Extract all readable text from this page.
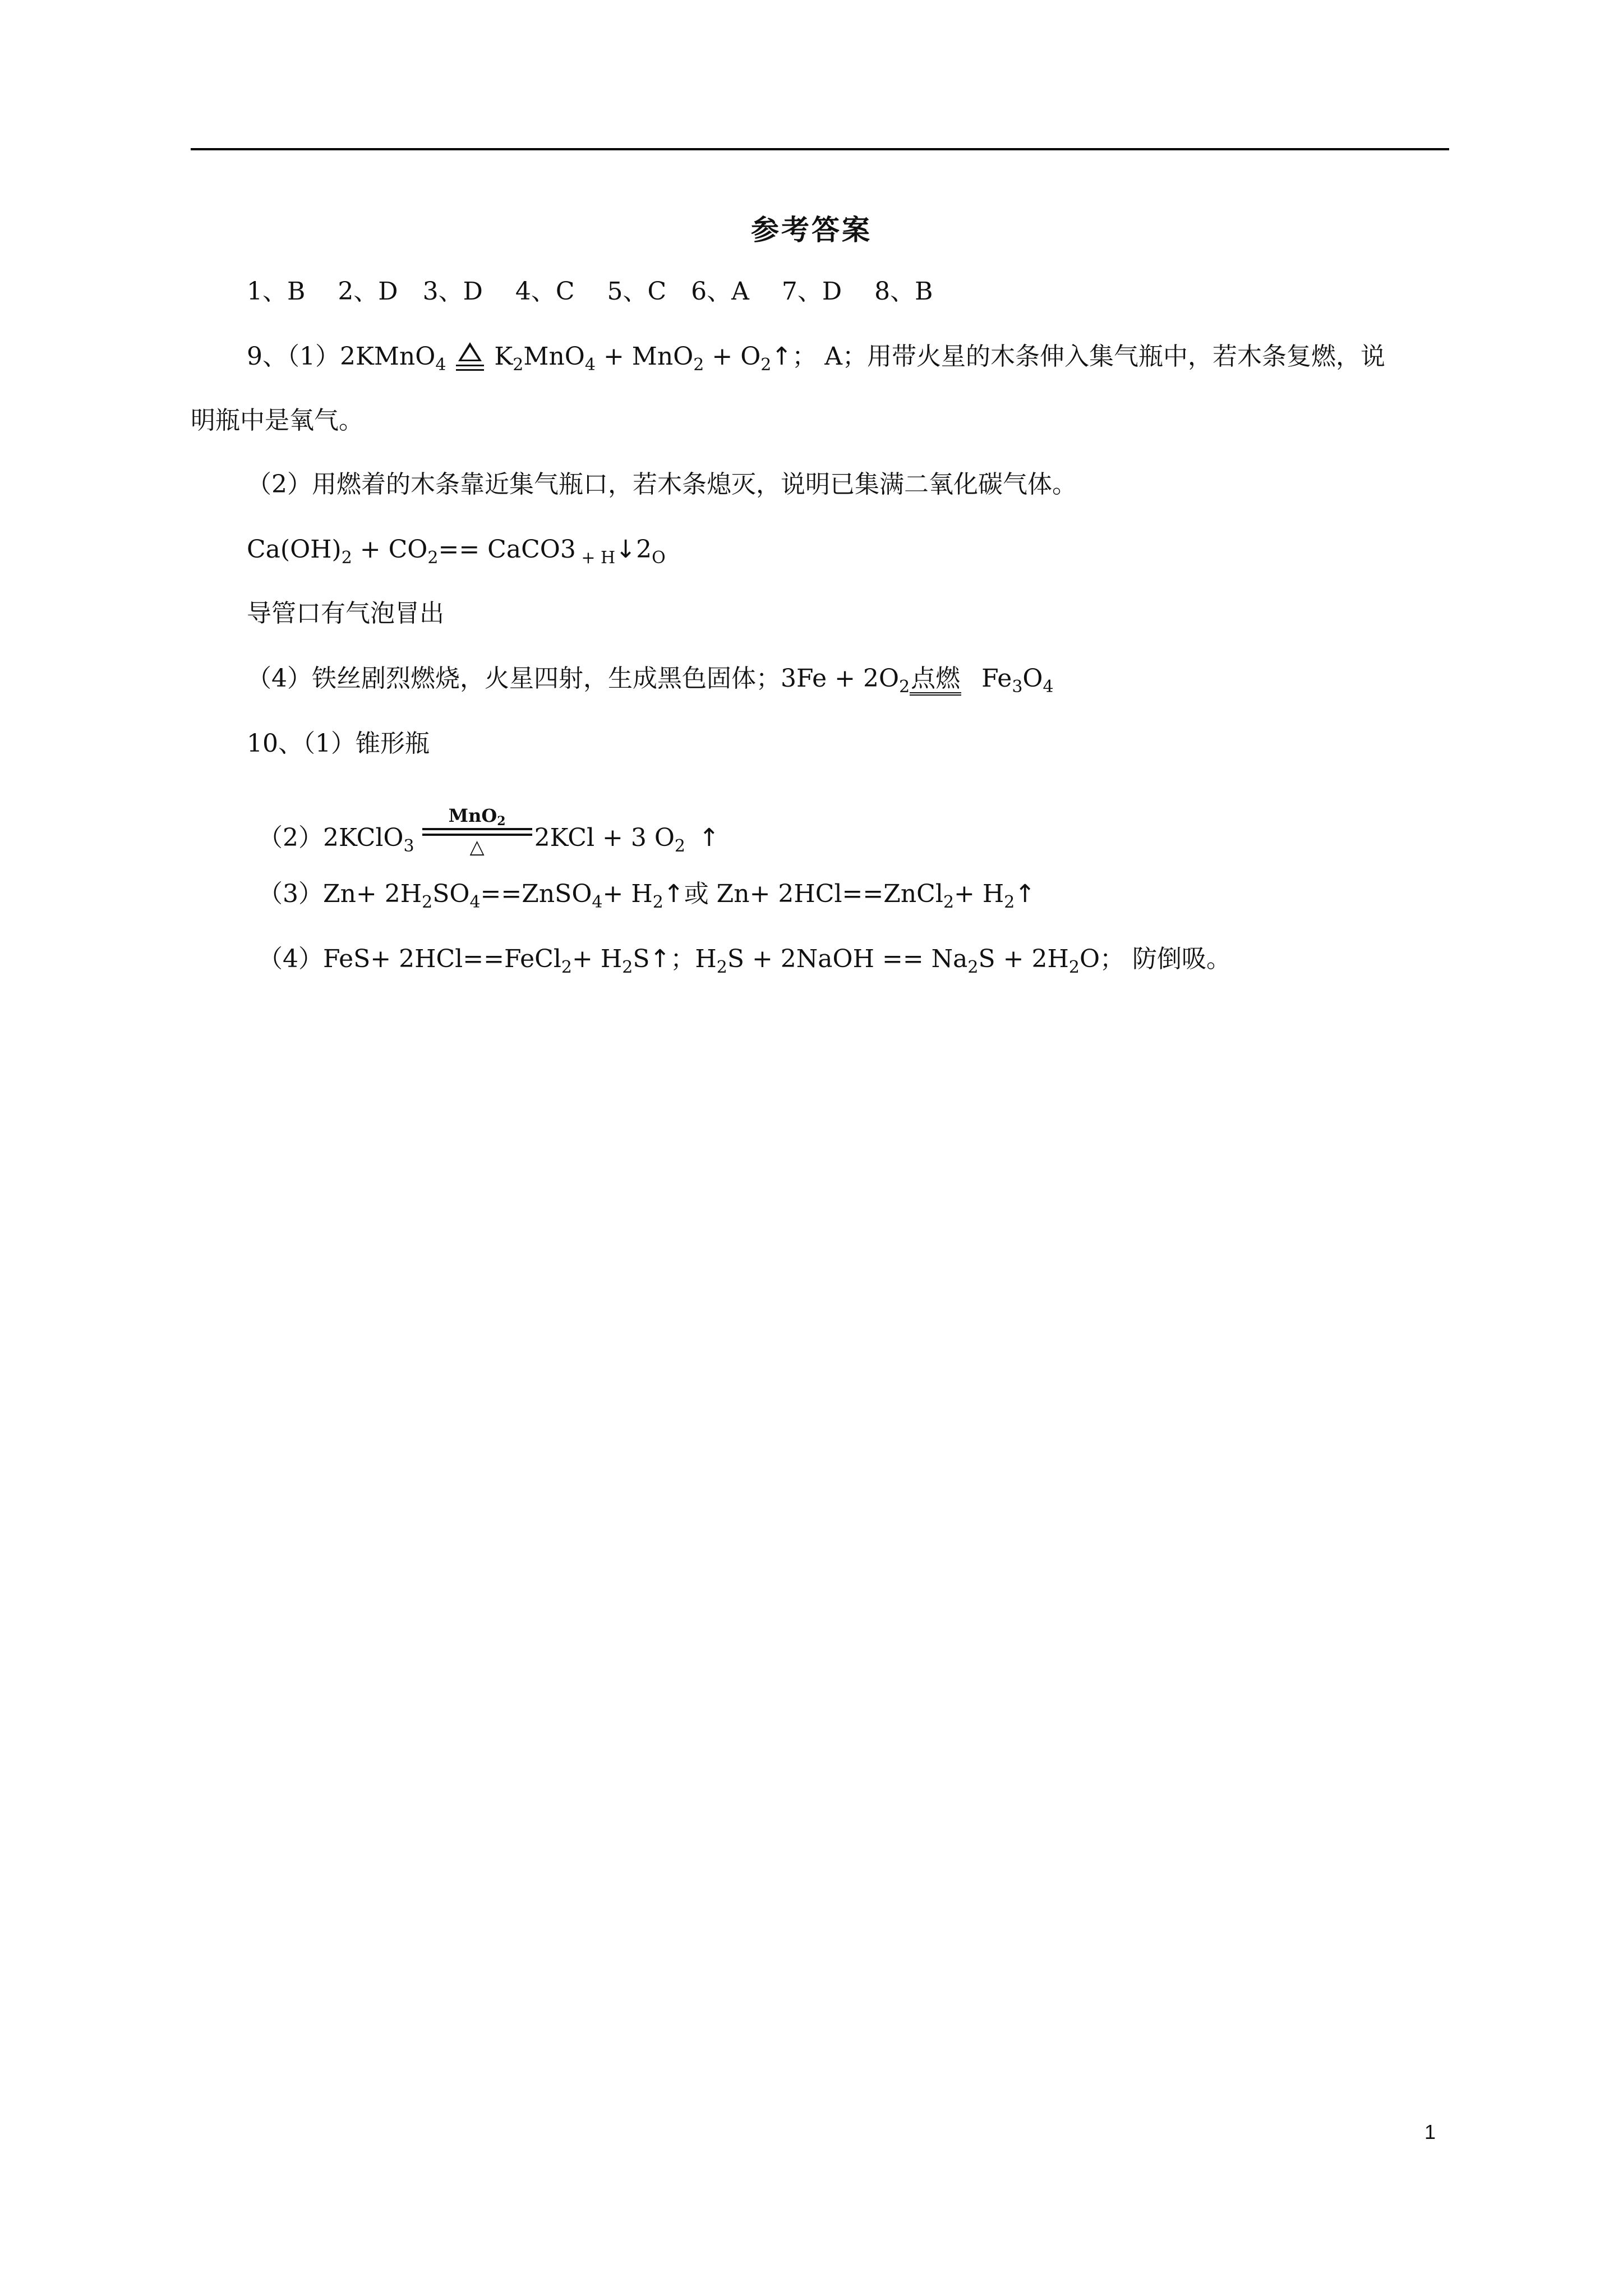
参考答案
1、B　 2、D　3、D　 4、C　 5、C　6、A　 7、D　 8、B
9、（1）2KMnO$_4$ $K_2MnO_4 + MnO_2$ + $O_2↑$； A；用带火星的木条伸入集气瓶中，若木条复燃，说
明瓶中是氧气。
（2）用燃着的木条靠近集气瓶口，若木条熄灭，说明已集满二氧化碳气体。
$Ca(OH)_2 + CO_2==$ CaCO3 $_{+ H}↓2_O$
导管口有气泡冒出
（4）铁丝剧烈燃烧，火星四射，生成黑色固体；$3Fe + 2O_2$点燃 $Fe_3O_4$
10、（1）锥形瓶
（2）2KClO$_3$
MnO2
△	2KCl + 3 $O_2$ ↑
$(3)Zn+ 2H_2SO_4==ZnSO_4+$ $H_2↑$或 Zn+ 2HCl==ZnCl$_2$+ $H_2↑$
（4）FeS+ 2HCl==FeCl$_2$+ $H_2S↑$；$H_2S$ + 2NaOH == $Na_2S + 2H_2O$； 防倒吸。
1
